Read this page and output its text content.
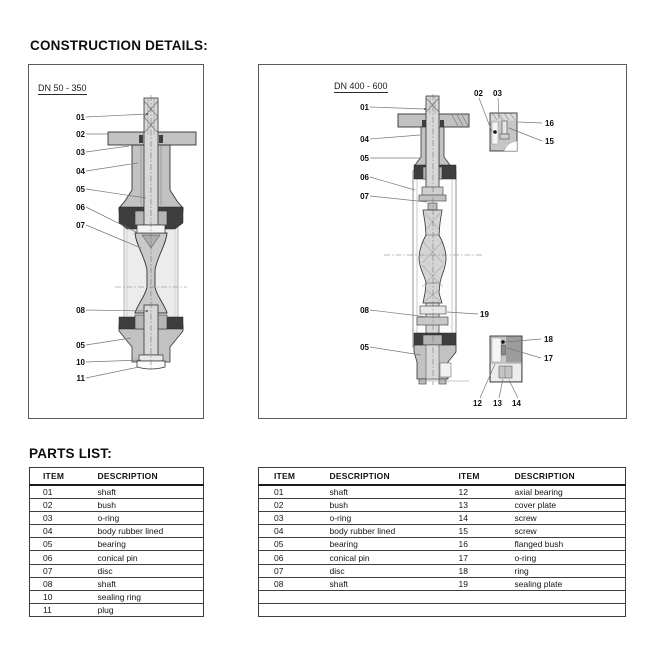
CONSTRUCTION DETAILS:
DN 50 - 350
01
02
03
04
05
06
07
08
05
10
11
DN 400 - 600
01
04
05
06
07
08
05
02	03
16
15
19
18
17
12	13	14
PARTS LIST:
ITEM	DESCRIPTION
01	shaft
02	bush
03	o-ring
04	body rubber lined
05	bearing
06	conical pin
07	disc
08	shaft
10	sealing ring
11	plug
ITEM	DESCRIPTION	ITEM	DESCRIPTION
01	shaft	12	axial bearing
02	bush	13	cover plate
03	o-ring	14	screw
04	body rubber lined	15	screw
05	bearing	16	flanged bush
06	conical pin	17	o-ring
07	disc	18	ring
08	shaft	19	sealing plate
